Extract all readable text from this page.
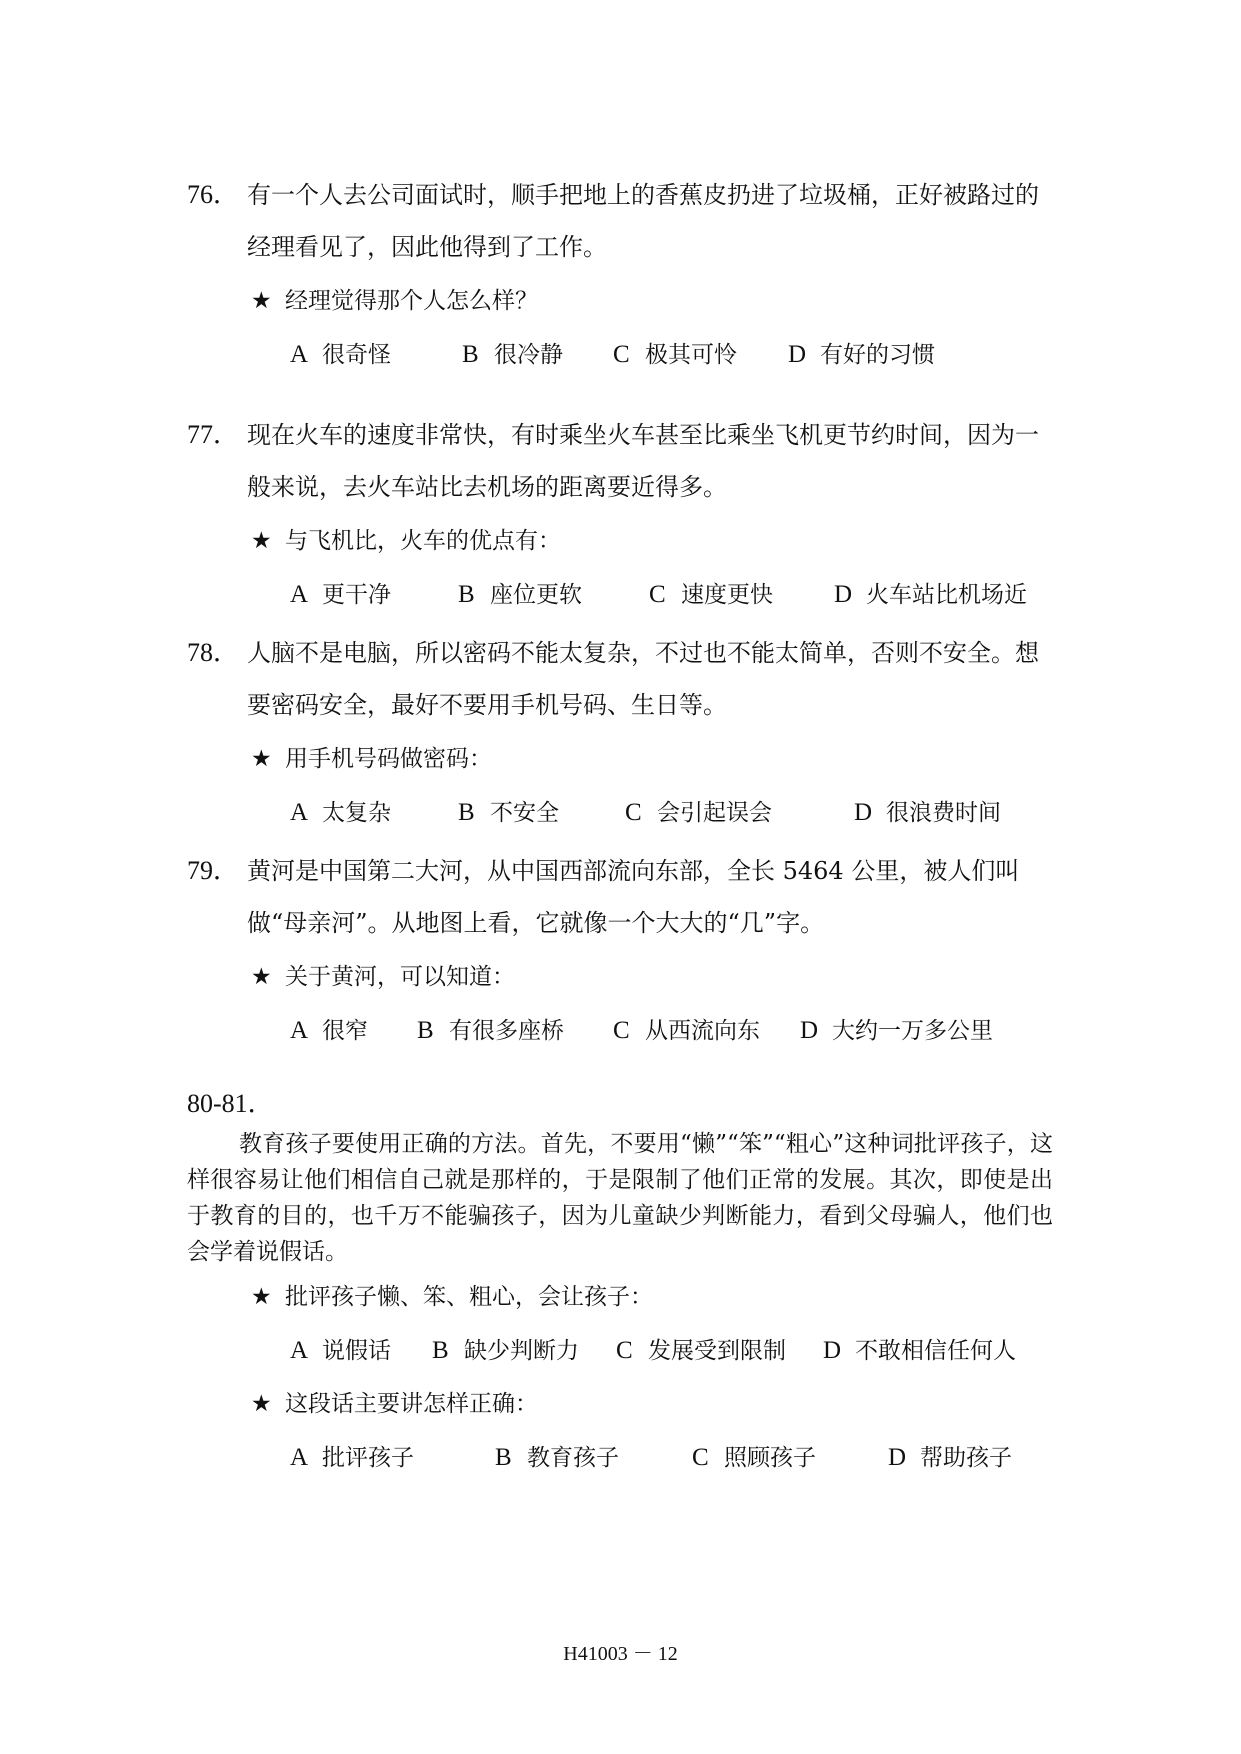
76． 有一个人去公司面试时，顺手把地上的香蕉皮扔进了垃圾桶，正好被路过的经理看见了，因此他得到了工作。
★ 经理觉得那个人怎么样？
A 很奇怪	B 很冷静	C 极其可怜	D 有好的习惯
77． 现在火车的速度非常快，有时乘坐火车甚至比乘坐飞机更节约时间，因为一般来说，去火车站比去机场的距离要近得多。
★ 与飞机比，火车的优点有：
A 更干净	B 座位更软	C 速度更快	D 火车站比机场近
78． 人脑不是电脑，所以密码不能太复杂，不过也不能太简单，否则不安全。想要密码安全，最好不要用手机号码、生日等。
★ 用手机号码做密码：
A 太复杂	B 不安全	C 会引起误会	D 很浪费时间
79． 黄河是中国第二大河，从中国西部流向东部，全长 5464 公里，被人们叫做“母亲河”。从地图上看，它就像一个大大的“几”字。
★ 关于黄河，可以知道：
A 很窄	B 有很多座桥	C 从西流向东	D 大约一万多公里
80-81．
教育孩子要使用正确的方法。首先，不要用“懒”“笨”“粗心”这种词批评孩子，这样很容易让他们相信自己就是那样的，于是限制了他们正常的发展。其次，即使是出于教育的目的，也千万不能骗孩子，因为儿童缺少判断能力，看到父母骗人，他们也会学着说假话。
★ 批评孩子懒、笨、粗心，会让孩子：
A 说假话	B 缺少判断力	C 发展受到限制	D 不敢相信任何人
★ 这段话主要讲怎样正确：
A 批评孩子	B 教育孩子	C 照顾孩子	D 帮助孩子
H41003 － 12
